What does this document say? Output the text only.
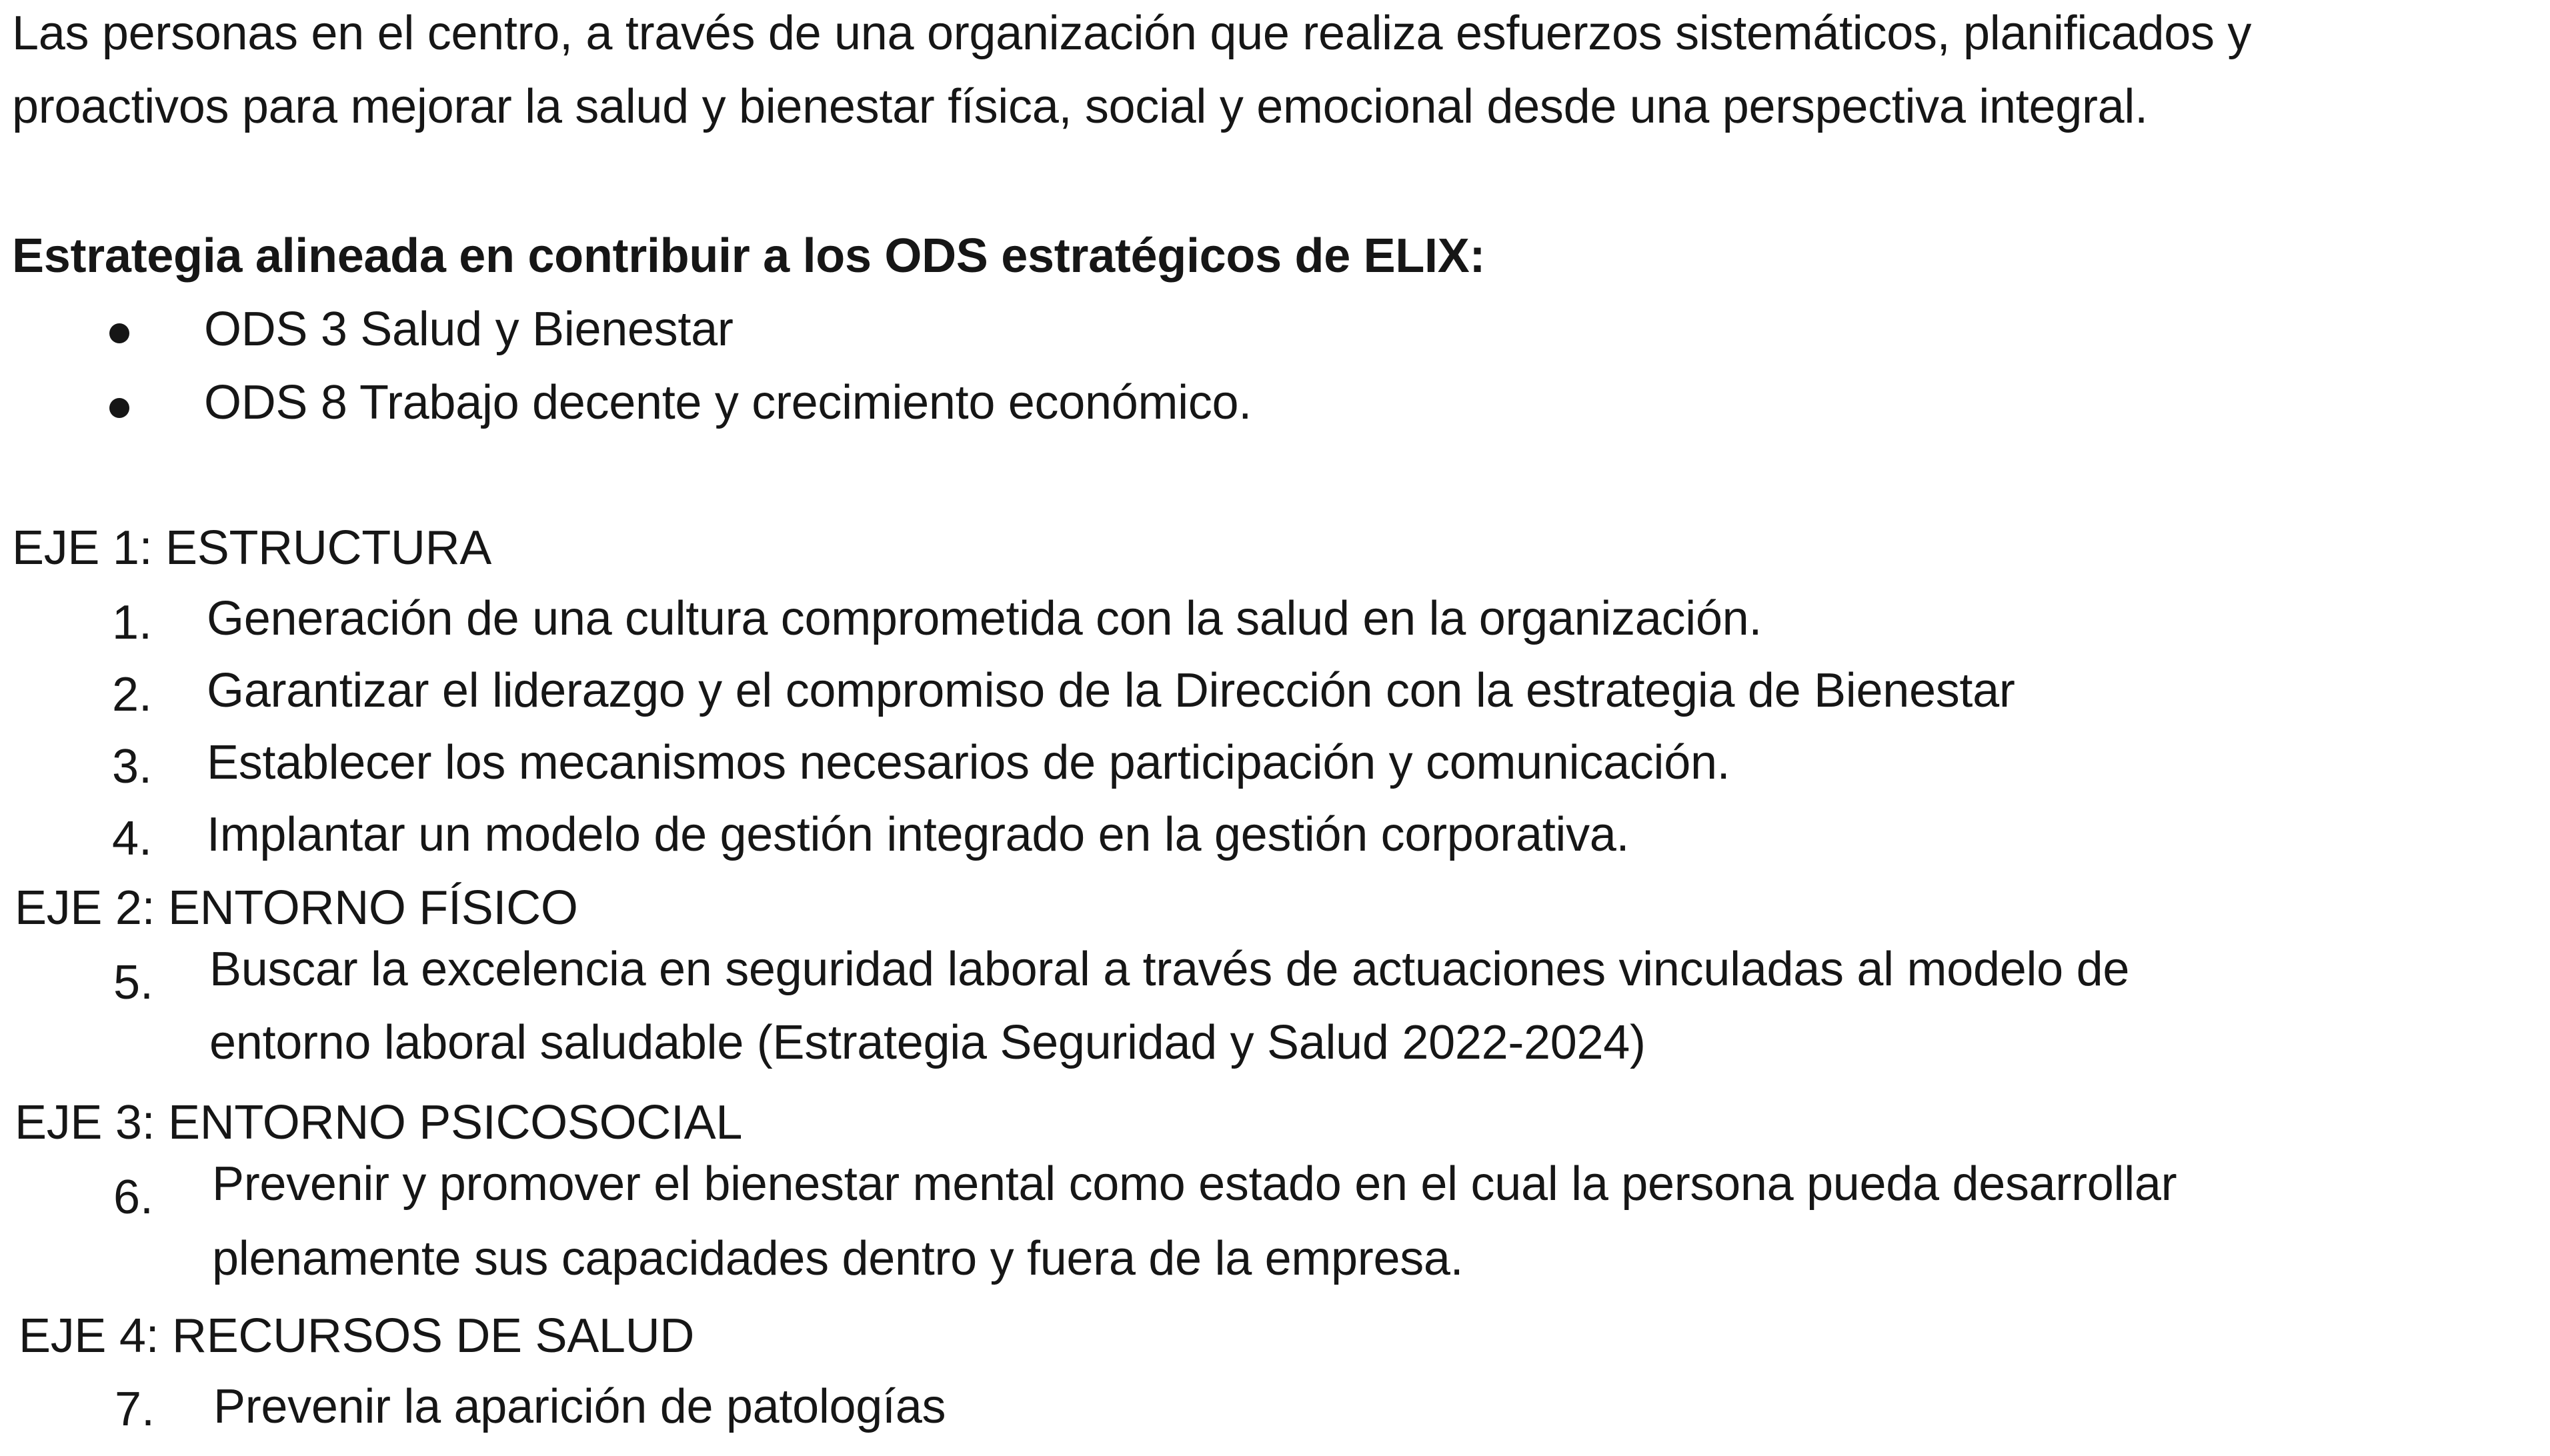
Las personas en el centro, a través de una organización que realiza esfuerzos sistemáticos, planificados y
proactivos para mejorar la salud y bienestar física, social y emocional desde una perspectiva integral.
Estrategia alineada en contribuir a los ODS estratégicos de ELIX:
ODS 3 Salud y Bienestar
ODS 8 Trabajo decente y crecimiento económico.
EJE 1: ESTRUCTURA
1. Generación de una cultura comprometida con la salud en la organización.
2. Garantizar el liderazgo y el compromiso de la Dirección con la estrategia de Bienestar
3. Establecer los mecanismos necesarios de participación y comunicación.
4. Implantar un modelo de gestión integrado en la gestión corporativa.
EJE 2: ENTORNO FÍSICO
5. Buscar la excelencia en seguridad laboral a través de actuaciones vinculadas al modelo de
entorno laboral saludable (Estrategia Seguridad y Salud 2022-2024)
EJE 3: ENTORNO PSICOSOCIAL
6. Prevenir y promover el bienestar mental como estado en el cual la persona pueda desarrollar
plenamente sus capacidades dentro y fuera de la empresa.
EJE 4: RECURSOS DE SALUD
7. Prevenir la aparición de patologías
